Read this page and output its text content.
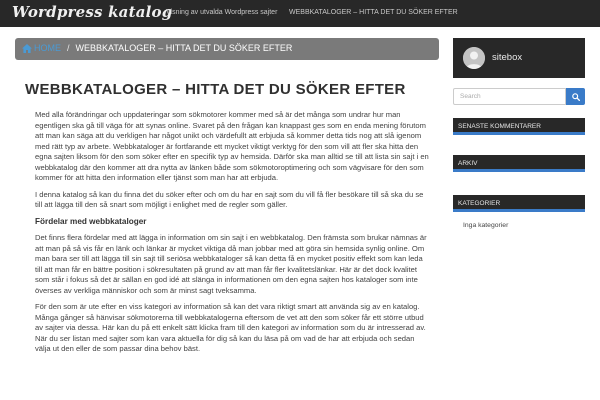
Wordpress katalog
Visning av utvalda Wordpress sajter WEBBKATALOGER – HITTA DET DU SÖKER EFTER
HOME / WEBBKATALOGER – HITTA DET DU SÖKER EFTER
WEBBKATALOGER – HITTA DET DU SÖKER EFTER

Med alla förändringar och uppdateringar som sökmotorer kommer med så är det många som undrar hur man egentligen ska gå till väga för att synas online. Svaret på den frågan kan knappast ges som en enda mening förutom att man kan säga att du verkligen har något unikt och värdefullt att erbjuda så kommer detta tids nog att slå igenom med rätt typ av arbete. Webbkataloger är fortfarande ett mycket viktigt verktyg för den som vill att fler ska hitta den egna sajten liksom för den som söker efter en specifik typ av hemsida. Därför ska man alltid se till att lista sin sajt i en webbkatalog där den kommer att dra nytta av länken både som sökmotoroptimering och som vägvisare för den som kommer för att hitta den information eller tjänst som man har att erbjuda.

I denna katalog så kan du finna det du söker efter och om du har en sajt som du vill få fler besökare till så ska du se till att lägga till den så snart som möjligt i enlighet med de regler som gäller.

Fördelar med webbkataloger

Det finns flera fördelar med att lägga in information om sin sajt i en webbkatalog. Den främsta som brukar nämnas är att man på så vis får en länk och länkar är mycket viktiga då man jobbar med att göra sin hemsida synlig online. Om man bara ser till att lägga till sin sajt till seriösa webbkataloger så kan detta få en mycket positiv effekt som kan leda till att man får en bättre position i sökresultaten på grund av att man får fler kvalitetslänkar. Här är det dock kvalitet som står i fokus så det är sällan en god idé att slänga in informationen om den egna sajten hos kataloger som inte överses av verkliga människor och som är minst sagt tveksamma.

För den som är ute efter en viss kategori av information så kan det vara riktigt smart att använda sig av en katalog. Många gånger så hänvisar sökmotorerna till webbkatalogerna eftersom de vet att den som söker får ett större utbud av sajter via dessa. Här kan du på ett enkelt sätt klicka fram till den kategori av information som du är intresserad av. När du ser listan med sajter som kan vara aktuella för dig så kan du läsa på om vad de har att erbjuda och sedan välja ut den eller de som passar dina behov bäst.

sitebox
Search
SENASTE KOMMENTARER
ARKIV
KATEGORIER
Inga kategorier
